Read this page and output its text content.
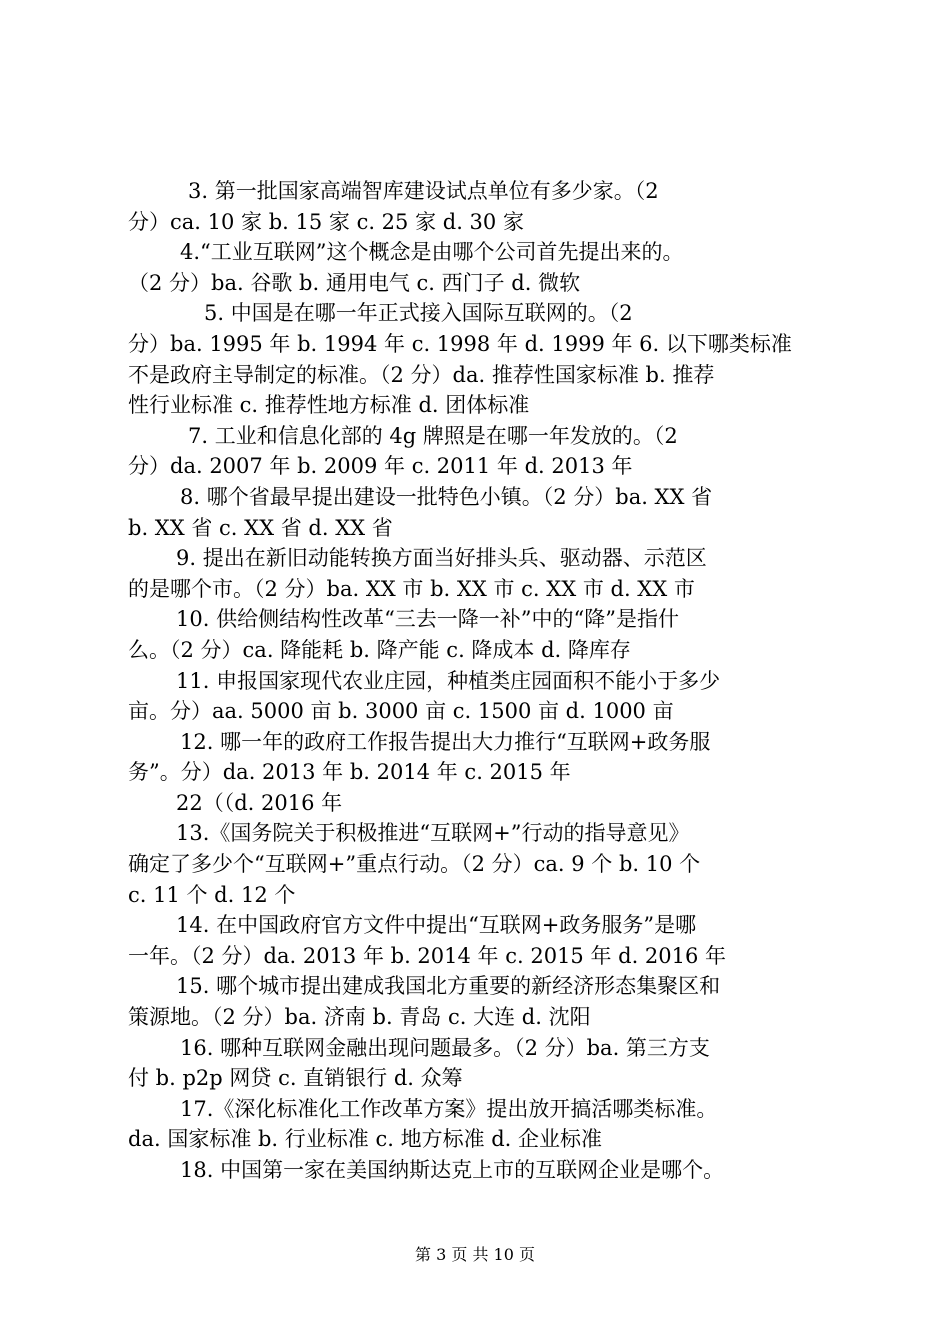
3. 第一批国家高端智库建设试点单位有多少家。（2
分）ca. 10 家 b. 15 家 c. 25 家 d. 30 家
4.“工业互联网”这个概念是由哪个公司首先提出来的。
（2 分）ba. 谷歌 b. 通用电气 c. 西门子 d. 微软
5. 中国是在哪一年正式接入国际互联网的。（2
分）ba. 1995 年 b. 1994 年 c. 1998 年 d. 1999 年 6. 以下哪类标准
不是政府主导制定的标准。（2 分）da. 推荐性国家标准 b. 推荐
性行业标准 c. 推荐性地方标准 d. 团体标准
7. 工业和信息化部的 4g 牌照是在哪一年发放的。（2
分）da. 2007 年 b. 2009 年 c. 2011 年 d. 2013 年
8. 哪个省最早提出建设一批特色小镇。（2 分）ba. XX 省
b. XX 省 c. XX 省 d. XX 省
9. 提出在新旧动能转换方面当好排头兵、驱动器、示范区
的是哪个市。（2 分）ba. XX 市 b. XX 市 c. XX 市 d. XX 市
10. 供给侧结构性改革“三去一降一补”中的“降”是指什
么。（2 分）ca. 降能耗 b. 降产能 c. 降成本 d. 降库存
11. 申报国家现代农业庄园，种植类庄园面积不能小于多少
亩。分）aa. 5000 亩 b. 3000 亩 c. 1500 亩 d. 1000 亩
12. 哪一年的政府工作报告提出大力推行“互联网+政务服
务”。分）da. 2013 年 b. 2014 年 c. 2015 年
22（（d. 2016 年
13.《国务院关于积极推进“互联网+”行动的指导意见》
确定了多少个“互联网+”重点行动。（2 分）ca. 9 个 b. 10 个
c. 11 个 d. 12 个
14. 在中国政府官方文件中提出“互联网+政务服务”是哪
一年。（2 分）da. 2013 年 b. 2014 年 c. 2015 年 d. 2016 年
15. 哪个城市提出建成我国北方重要的新经济形态集聚区和
策源地。（2 分）ba. 济南 b. 青岛 c. 大连 d. 沈阳
16. 哪种互联网金融出现问题最多。（2 分）ba. 第三方支
付 b. p2p 网贷 c. 直销银行 d. 众筹
17.《深化标准化工作改革方案》提出放开搞活哪类标准。
da. 国家标准 b. 行业标准 c. 地方标准 d. 企业标准
18. 中国第一家在美国纳斯达克上市的互联网企业是哪个。
第 3 页 共 10 页
